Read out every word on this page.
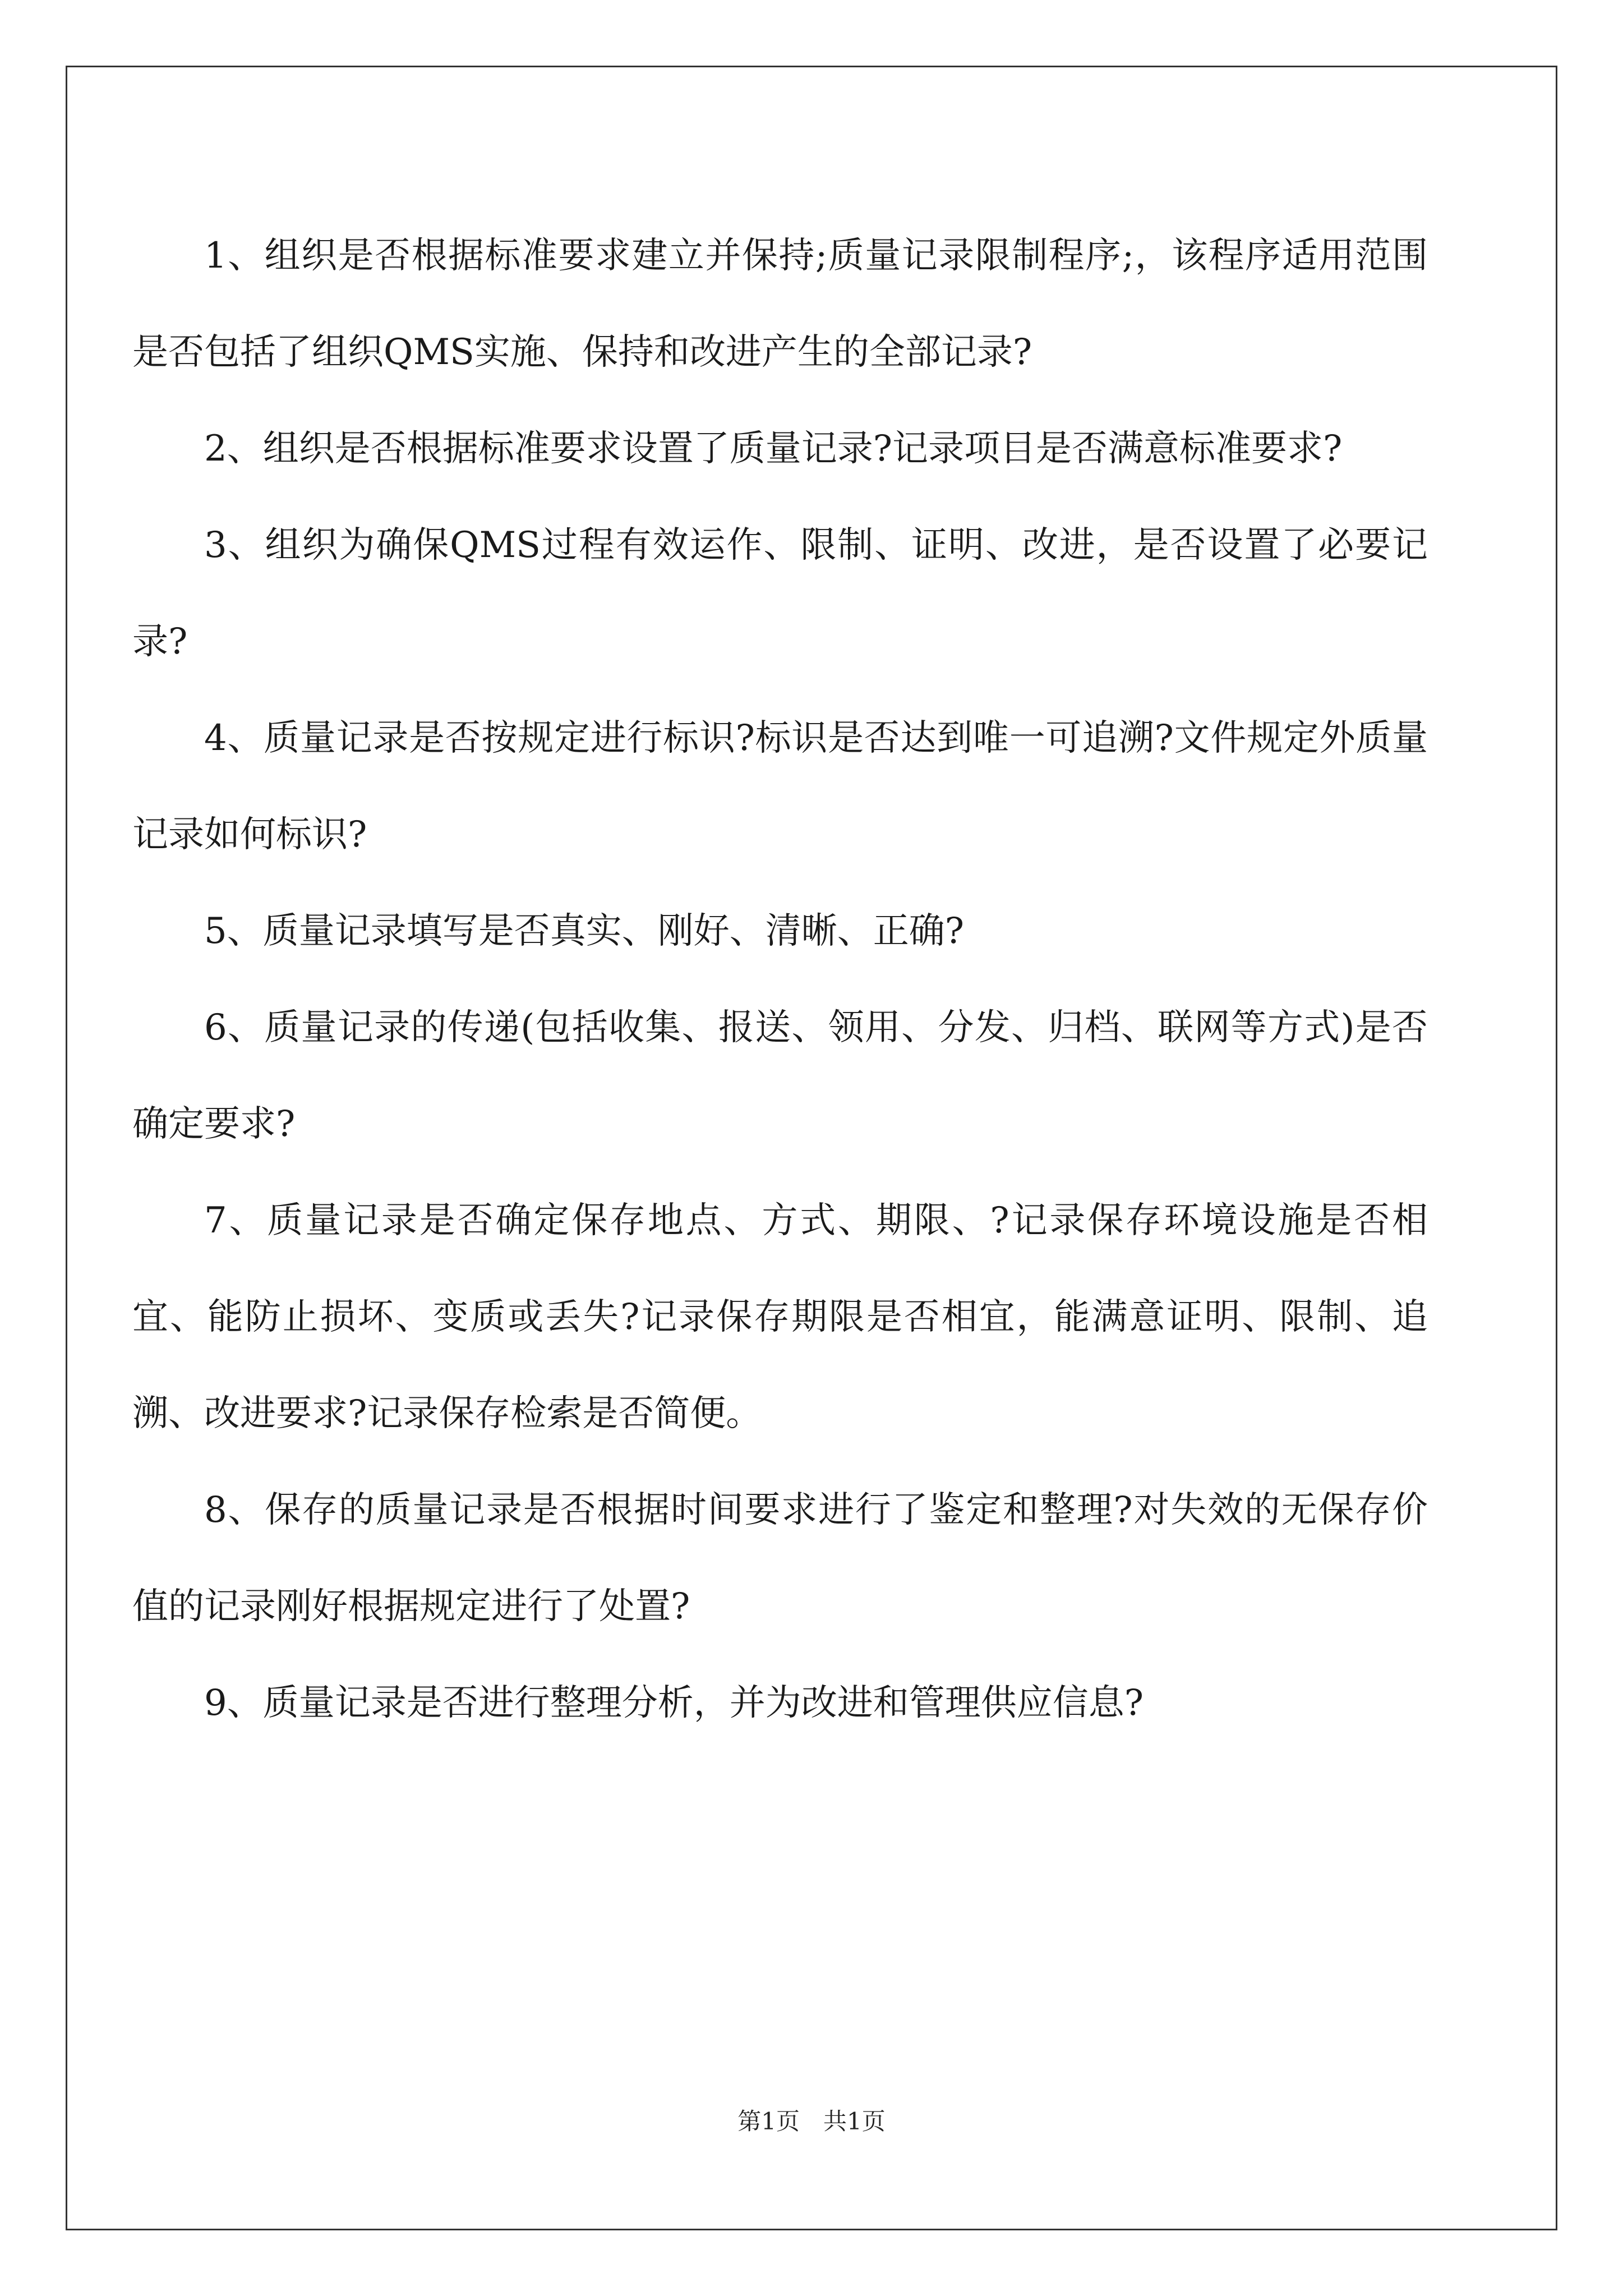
1、组织是否根据标准要求建立并保持;质量记录限制程序;，该程序适用范围是否包括了组织QMS实施、保持和改进产生的全部记录?

2、组织是否根据标准要求设置了质量记录?记录项目是否满意标准要求?

3、组织为确保QMS过程有效运作、限制、证明、改进，是否设置了必要记录?

4、质量记录是否按规定进行标识?标识是否达到唯一可追溯?文件规定外质量记录如何标识?

5、质量记录填写是否真实、刚好、清晰、正确?

6、质量记录的传递(包括收集、报送、领用、分发、归档、联网等方式)是否确定要求?

7、质量记录是否确定保存地点、方式、期限、?记录保存环境设施是否相宜、能防止损坏、变质或丢失?记录保存期限是否相宜，能满意证明、限制、追溯、改进要求?记录保存检索是否简便。

8、保存的质量记录是否根据时间要求进行了鉴定和整理?对失效的无保存价值的记录刚好根据规定进行了处置?

9、质量记录是否进行整理分析，并为改进和管理供应信息?

第1页　共1页
